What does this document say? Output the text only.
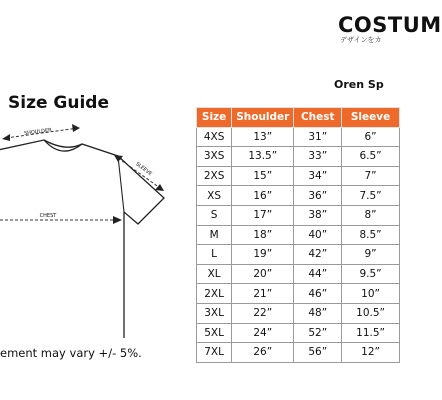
COSTUM
デザインをカ
Oren Sp
Size Guide
SHOULDER
SLEEVE
CHEST
ement may vary +/- 5%.
Size	Shoulder	Chest	Sleeve
4XS	13”	31”	6”
3XS	13.5”	33”	6.5”
2XS	15”	34”	7”
XS	16”	36”	7.5”
S	17”	38”	8”
M	18”	40”	8.5”
L	19”	42”	9”
XL	20”	44”	9.5”
2XL	21”	46”	10”
3XL	22”	48”	10.5”
5XL	24”	52”	11.5”
7XL	26”	56”	12”
